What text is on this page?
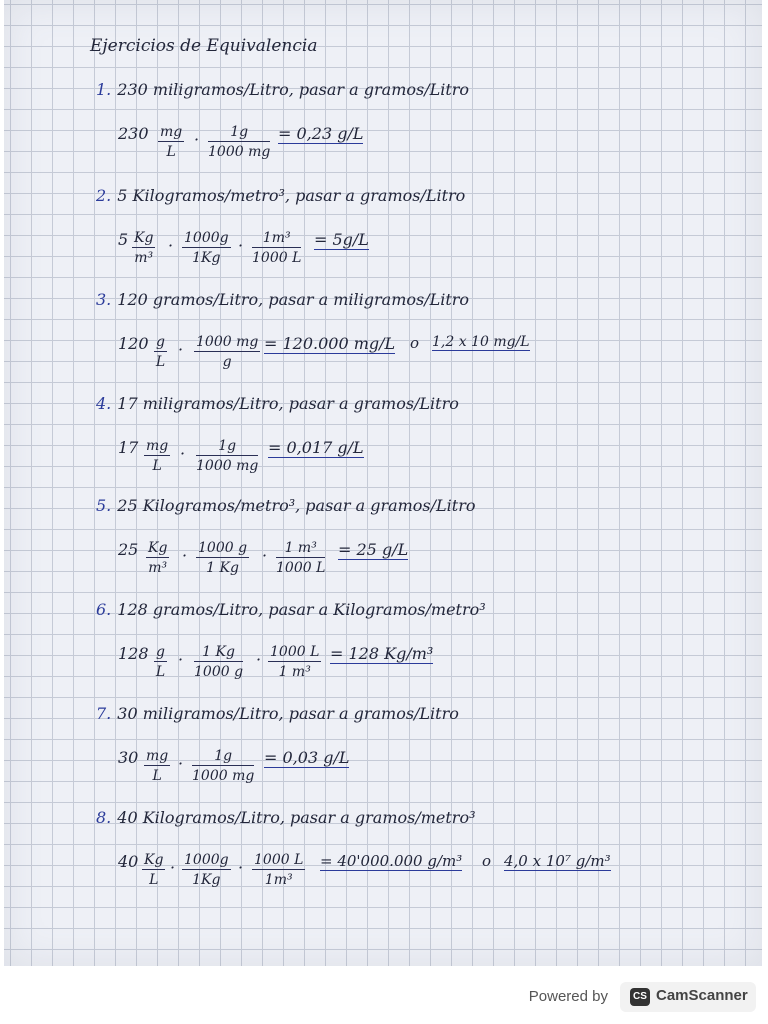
Ejercicios de Equivalencia
1. 230 miligramos/Litro, pasar a gramos/Litro
$230 \frac{mg}{L} \cdot \frac{1g}{1000 mg} = 0,23$ g/L
2. 5 Kilogramos/metro³, pasar a gramos/Litro
$5 \frac{Kg}{\text{m³}} \cdot \frac{1000g}{1Kg} \cdot \frac{\text{1m³}}{1000 L} = 5g/L$
3. 120 gramos/Litro, pasar a miligramos/Litro
$120 \frac{g}{L} \cdot \frac{1000 mg}{g} = 120.000$ mg/L o 1,2 x 10 mg/L
4. 17 miligramos/Litro, pasar a gramos/Litro
$17 \frac{mg}{L} \cdot \frac{1g}{1000 mg} = 0,017$ g/L
5. 25 Kilogramos/metro³, pasar a gramos/Litro
$25 \frac{Kg}{\text{m³}} \cdot \frac{1000 g}{1 Kg} \cdot \frac{\text{1 m³}}{1000 L} = 25$ g/L
6. 128 gramos/Litro, pasar a Kilogramos/metro³
$128 \frac{g}{L} \cdot \frac{1 Kg}{1000 g} \cdot \frac{1000 L}{\text{1 m³}} = 128$ Kg/m³
7. 30 miligramos/Litro, pasar a gramos/Litro
$30 \frac{mg}{L} \cdot \frac{1g}{1000 mg} = 0,03$ g/L
8. 40 Kilogramos/Litro, pasar a gramos/metro³
$40 \frac{Kg}{L} \cdot \frac{1000g}{1Kg} \cdot \frac{1000 L}{\text{1m³}} = 40'000.000$ g/m³ o 4,0 x 10⁷ g/m³
Powered by	CS CamScanner
